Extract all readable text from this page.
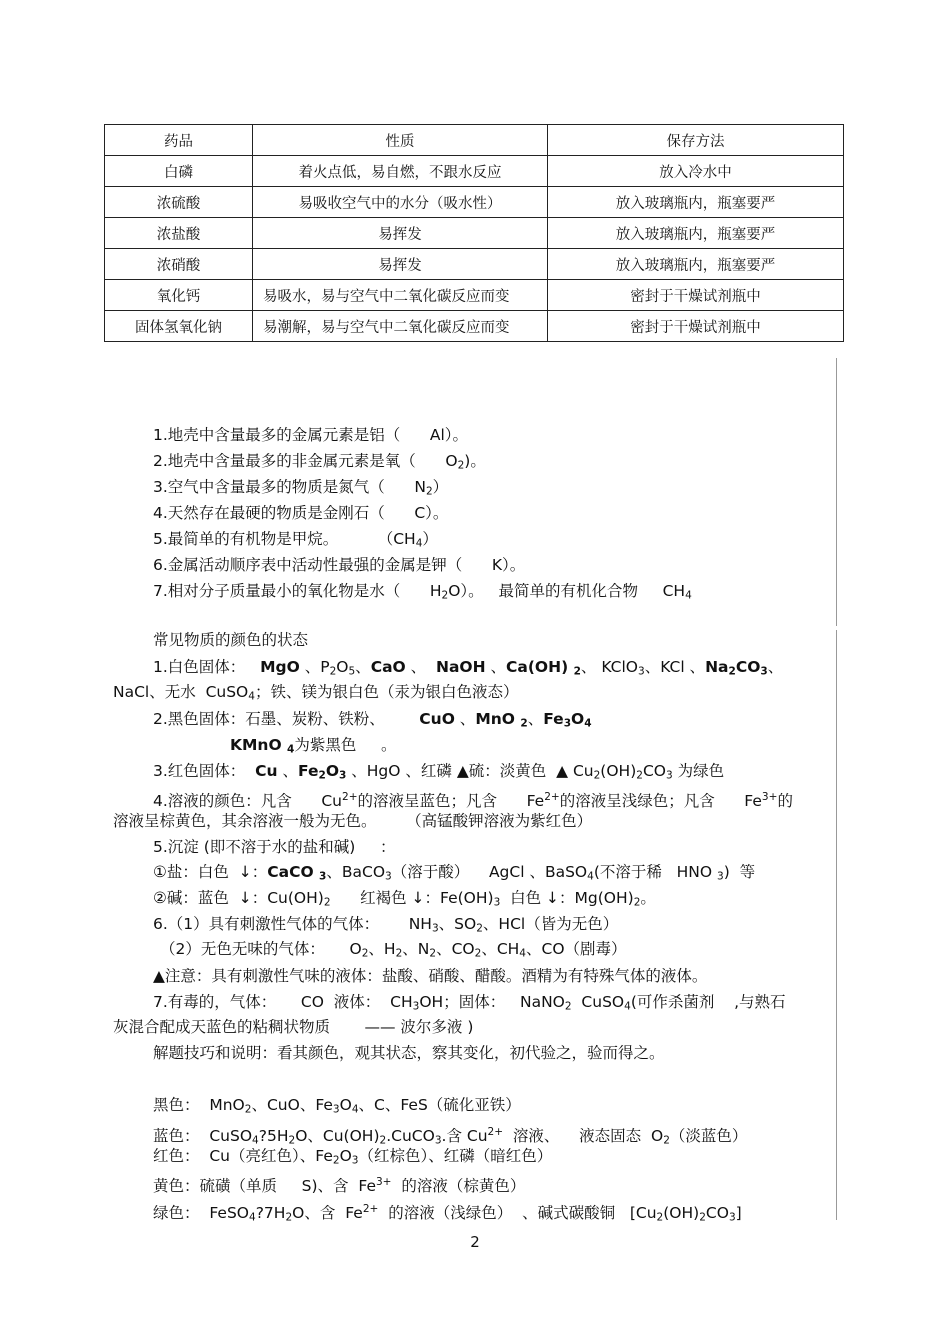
药品	性质	保存方法
白磷	着火点低，易自燃，不跟水反应	放入冷水中
浓硫酸	易吸收空气中的水分（吸水性）	放入玻璃瓶内，瓶塞要严
浓盐酸	易挥发	放入玻璃瓶内，瓶塞要严
浓硝酸	易挥发	放入玻璃瓶内，瓶塞要严
氧化钙	易吸水，易与空气中二氧化碳反应而变	密封于干燥试剂瓶中
固体氢氧化钠	易潮解，易与空气中二氧化碳反应而变	密封于干燥试剂瓶中
1.地壳中含量最多的金属元素是铝（      Al）。
2.地壳中含量最多的非金属元素是氧（      $O_2$)。
3.空气中含量最多的物质是氮气（      $N_2$）
4.天然存在最硬的物质是金刚石（      C）。
5.最简单的有机物是甲烷。        $(CH_4)$
6.金属活动顺序表中活动性最强的金属是钾（      K）。
7.相对分子质量最小的氧化物是水（      $H_2O$）。   最简单的有机化合物     $CH_4$
常见物质的颜色的状态
1.白色固体：   MgO 、$P_2O_5$、CaO 、  NaOH 、Ca(OH) $_2$、 KClO$_3$、KCl 、$Na_2CO_3$、
NaCl、无水  CuSO$_4$；铁、镁为银白色（汞为银白色液态）
2.黑色固体：石墨、炭粉、铁粉、       CuO 、MnO $_2$、$Fe_3O_4$
KMnO $_4$为紫黑色     。
3.红色固体：  Cu 、$Fe_2O_3$ 、HgO 、红磷 ▲硫：淡黄色  ▲ $Cu_2(OH)_2CO_3$ 为绿色
4.溶液的颜色：凡含      $Cu^{2+}$的溶液呈蓝色；凡含      $Fe^{2+}$的溶液呈浅绿色；凡含      $Fe^{3+}$的
溶液呈棕黄色，其余溶液一般为无色。      （高锰酸钾溶液为紫红色）
5.沉淀 (即不溶于水的盐和碱)     ：
①盐：白色  ↓：CaCO $_3$、BaCO$_3$（溶于酸）    AgCl 、BaSO$_4$(不溶于稀   HNO $_3$)  等
②碱：蓝色  ↓：$Cu(OH)_2$      红褐色 ↓：$Fe(OH)_3$  白色 ↓：$Mg(OH)_2$。
6.（1）具有刺激性气体的气体：      $NH_3$、$SO_2$、HCl（皆为无色）
（2）无色无味的气体：     $O_2$、$H_2$、$N_2$、$CO_2$、$CH_4$、CO（剧毒）
▲注意：具有刺激性气味的液体：盐酸、硝酸、醋酸。酒精为有特殊气体的液体。
7.有毒的，气体：     CO  液体：  $CH_3OH$；固体：   NaNO$_2$  CuSO$_4$(可作杀菌剂    ,与熟石
灰混合配成天蓝色的粘稠状物质       —— 波尔多液 )
解题技巧和说明：看其颜色，观其状态，察其变化，初代验之，验而得之。
黑色：  MnO$_2$、CuO、$Fe_3O_4$、C、FeS（硫化亚铁）
蓝色：  $CuSO_4?5H_2O$、$Cu(OH)_2.CuCO_3$.含 $Cu^{2+}$  溶液、    液态固态  $O_2$（淡蓝色）
红色：  Cu（亮红色）、$Fe_2O_3$（红棕色）、红磷（暗红色）
黄色：硫磺（单质     S)、含  $Fe^{3+}$  的溶液（棕黄色）
绿色：  $FeSO_4?7H_2O$、含  $Fe^{2+}$  的溶液（浅绿色）  、碱式碳酸铜   $[Cu_2(OH)_2CO_3]$
2
